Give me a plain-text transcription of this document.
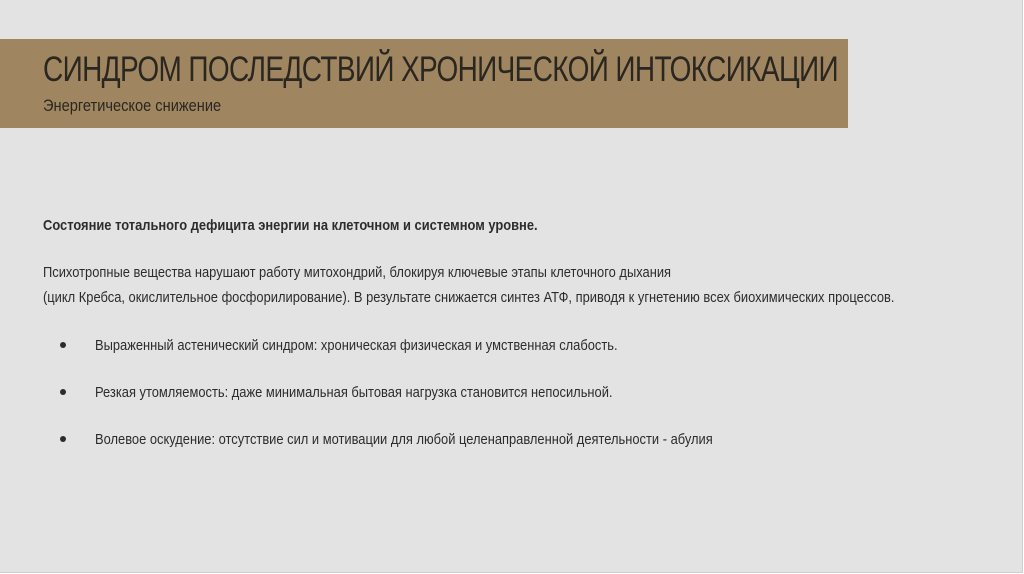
СИНДРОМ ПОСЛЕДСТВИЙ ХРОНИЧЕСКОЙ ИНТОКСИКАЦИИ

Энергетическое снижение

Состояние тотального дефицита энергии на клеточном и системном уровне.

Психотропные вещества нарушают работу митохондрий, блокируя ключевые этапы клеточного дыхания

(цикл Кребса, окислительное фосфорилирование). В результате снижается синтез АТФ, приводя к угнетению всех биохимических процессов.

Выраженный астенический синдром: хроническая физическая и умственная слабость.

Резкая утомляемость: даже минимальная бытовая нагрузка становится непосильной.

Волевое оскудение: отсутствие сил и мотивации для любой целенаправленной деятельности - абулия
